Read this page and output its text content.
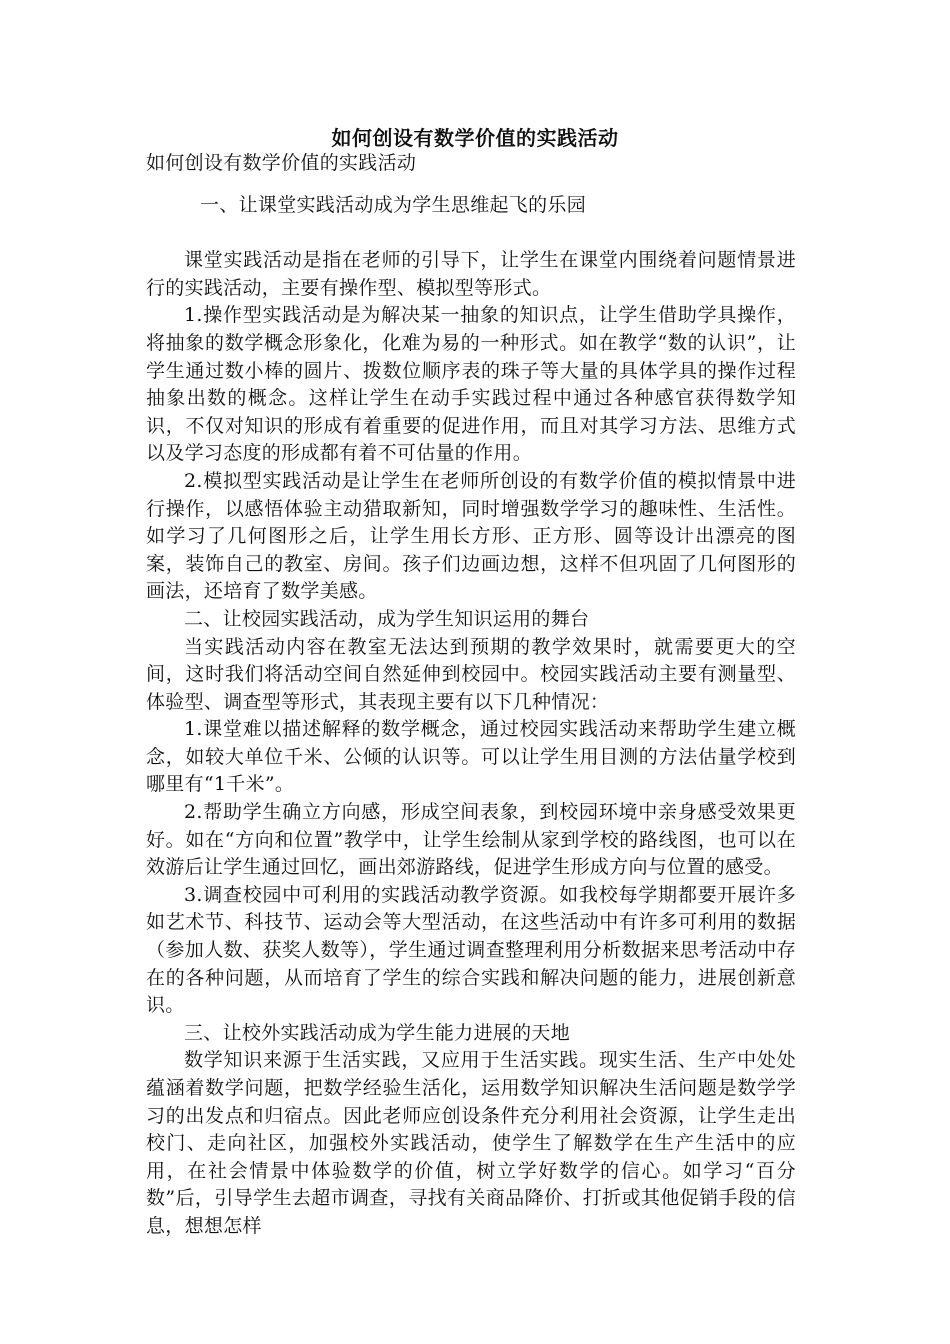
如何创设有数学价值的实践活动

如何创设有数学价值的实践活动

一、让课堂实践活动成为学生思维起飞的乐园

课堂实践活动是指在老师的引导下，让学生在课堂内围绕着问题情景进行的实践活动，主要有操作型、模拟型等形式。

1.操作型实践活动是为解决某一抽象的知识点，让学生借助学具操作，将抽象的数学概念形象化，化难为易的一种形式。如在教学“数的认识”，让学生通过数小棒的圆片、拨数位顺序表的珠子等大量的具体学具的操作过程抽象出数的概念。这样让学生在动手实践过程中通过各种感官获得数学知识，不仅对知识的形成有着重要的促进作用，而且对其学习方法、思维方式以及学习态度的形成都有着不可估量的作用。

2.模拟型实践活动是让学生在老师所创设的有数学价值的模拟情景中进行操作，以感悟体验主动猎取新知，同时增强数学学习的趣味性、生活性。如学习了几何图形之后，让学生用长方形、正方形、圆等设计出漂亮的图案，装饰自己的教室、房间。孩子们边画边想，这样不但巩固了几何图形的画法，还培育了数学美感。

二、让校园实践活动，成为学生知识运用的舞台

当实践活动内容在教室无法达到预期的教学效果时，就需要更大的空间，这时我们将活动空间自然延伸到校园中。校园实践活动主要有测量型、体验型、调查型等形式，其表现主要有以下几种情况：

1.课堂难以描述解释的数学概念，通过校园实践活动来帮助学生建立概念，如较大单位千米、公倾的认识等。可以让学生用目测的方法估量学校到哪里有“1千米”。

2.帮助学生确立方向感，形成空间表象，到校园环境中亲身感受效果更好。如在“方向和位置”教学中，让学生绘制从家到学校的路线图，也可以在效游后让学生通过回忆，画出郊游路线，促进学生形成方向与位置的感受。

3.调查校园中可利用的实践活动教学资源。如我校每学期都要开展许多如艺术节、科技节、运动会等大型活动，在这些活动中有许多可利用的数据（参加人数、获奖人数等），学生通过调查整理利用分析数据来思考活动中存在的各种问题，从而培育了学生的综合实践和解决问题的能力，进展创新意识。

三、让校外实践活动成为学生能力进展的天地

数学知识来源于生活实践，又应用于生活实践。现实生活、生产中处处蕴涵着数学问题，把数学经验生活化，运用数学知识解决生活问题是数学学习的出发点和归宿点。因此老师应创设条件充分利用社会资源，让学生走出校门、走向社区，加强校外实践活动，使学生了解数学在生产生活中的应用，在社会情景中体验数学的价值，树立学好数学的信心。如学习“百分数”后，引导学生去超市调查，寻找有关商品降价、打折或其他促销手段的信息，想想怎样
